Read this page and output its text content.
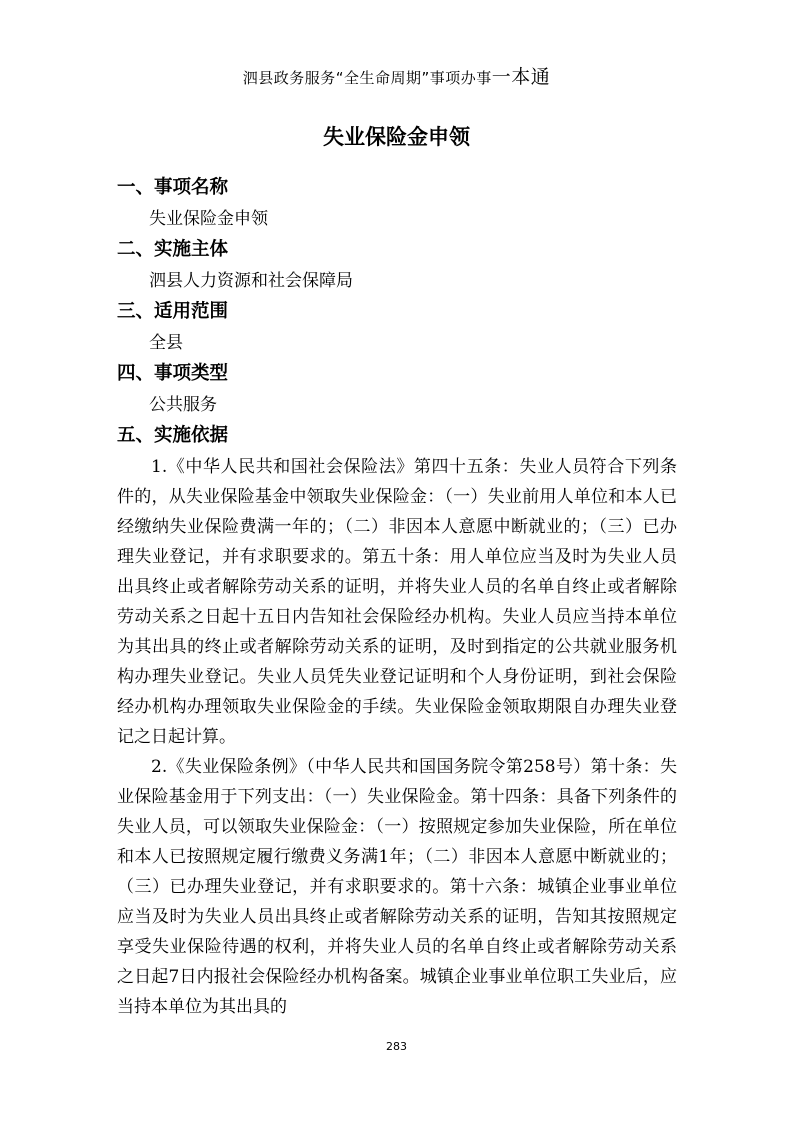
泗县政务服务“全生命周期”事项办事一本通
失业保险金申领
一、事项名称
失业保险金申领
二、实施主体
泗县人力资源和社会保障局
三、适用范围
全县
四、事项类型
公共服务
五、实施依据

1.《中华人民共和国社会保险法》第四十五条：失业人员符合下列条件的，从失业保险基金中领取失业保险金：（一）失业前用人单位和本人已经缴纳失业保险费满一年的；（二）非因本人意愿中断就业的；（三）已办理失业登记，并有求职要求的。第五十条：用人单位应当及时为失业人员出具终止或者解除劳动关系的证明，并将失业人员的名单自终止或者解除劳动关系之日起十五日内告知社会保险经办机构。失业人员应当持本单位为其出具的终止或者解除劳动关系的证明，及时到指定的公共就业服务机构办理失业登记。失业人员凭失业登记证明和个人身份证明，到社会保险经办机构办理领取失业保险金的手续。失业保险金领取期限自办理失业登记之日起计算。

2.《失业保险条例》（中华人民共和国国务院令第258号）第十条：失业保险基金用于下列支出：（一）失业保险金。第十四条：具备下列条件的失业人员，可以领取失业保险金：（一）按照规定参加失业保险，所在单位和本人已按照规定履行缴费义务满1年；（二）非因本人意愿中断就业的；（三）已办理失业登记，并有求职要求的。第十六条：城镇企业事业单位应当及时为失业人员出具终止或者解除劳动关系的证明，告知其按照规定享受失业保险待遇的权利，并将失业人员的名单自终止或者解除劳动关系之日起7日内报社会保险经办机构备案。城镇企业事业单位职工失业后，应当持本单位为其出具的

283
